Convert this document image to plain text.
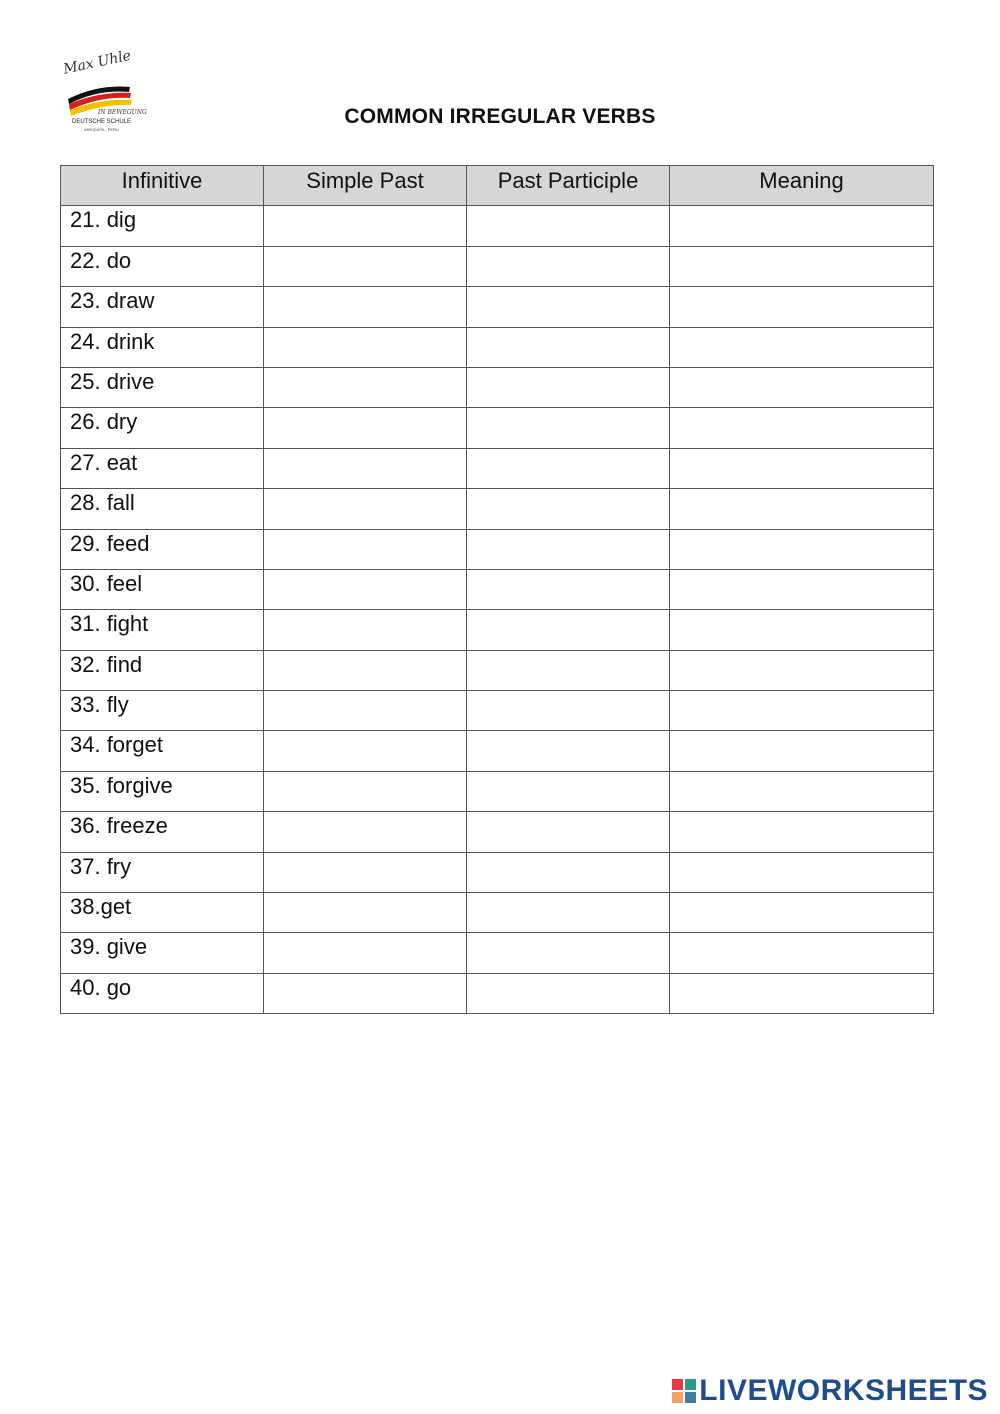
Max Uhle
IN BEWEGUNG
DEUTSCHE SCHULE
AREQUIPA - PERU
COMMON IRREGULAR VERBS
Infinitive	Simple Past	Past Participle	Meaning
21. dig			
22. do			
23. draw			
24. drink			
25. drive			
26. dry			
27. eat			
28. fall			
29. feed			
30. feel			
31. fight			
32. find			
33. fly			
34. forget			
35. forgive			
36. freeze			
37. fry			
38.get			
39. give			
40. go			
LIVEWORKSHEETS
